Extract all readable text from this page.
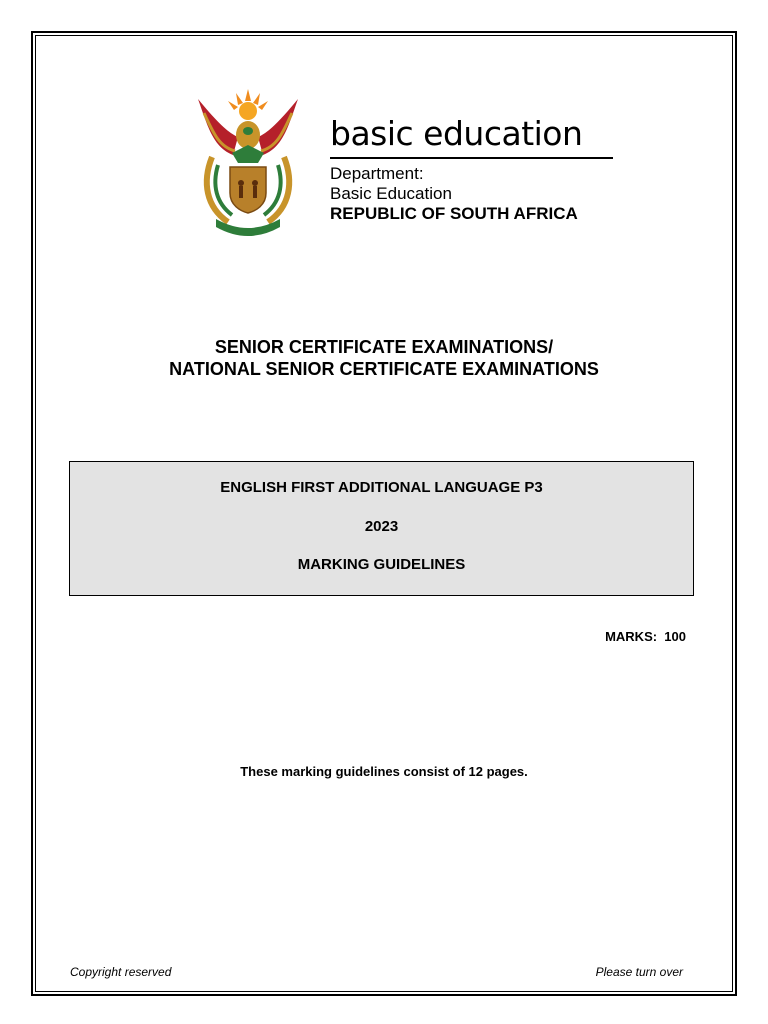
basic education
Department:
Basic Education
REPUBLIC OF SOUTH AFRICA
SENIOR CERTIFICATE EXAMINATIONS/
NATIONAL SENIOR CERTIFICATE EXAMINATIONS
ENGLISH FIRST ADDITIONAL LANGUAGE P3
2023
MARKING GUIDELINES
MARKS:  100
These marking guidelines consist of 12 pages.
Copyright reserved	Please turn over
